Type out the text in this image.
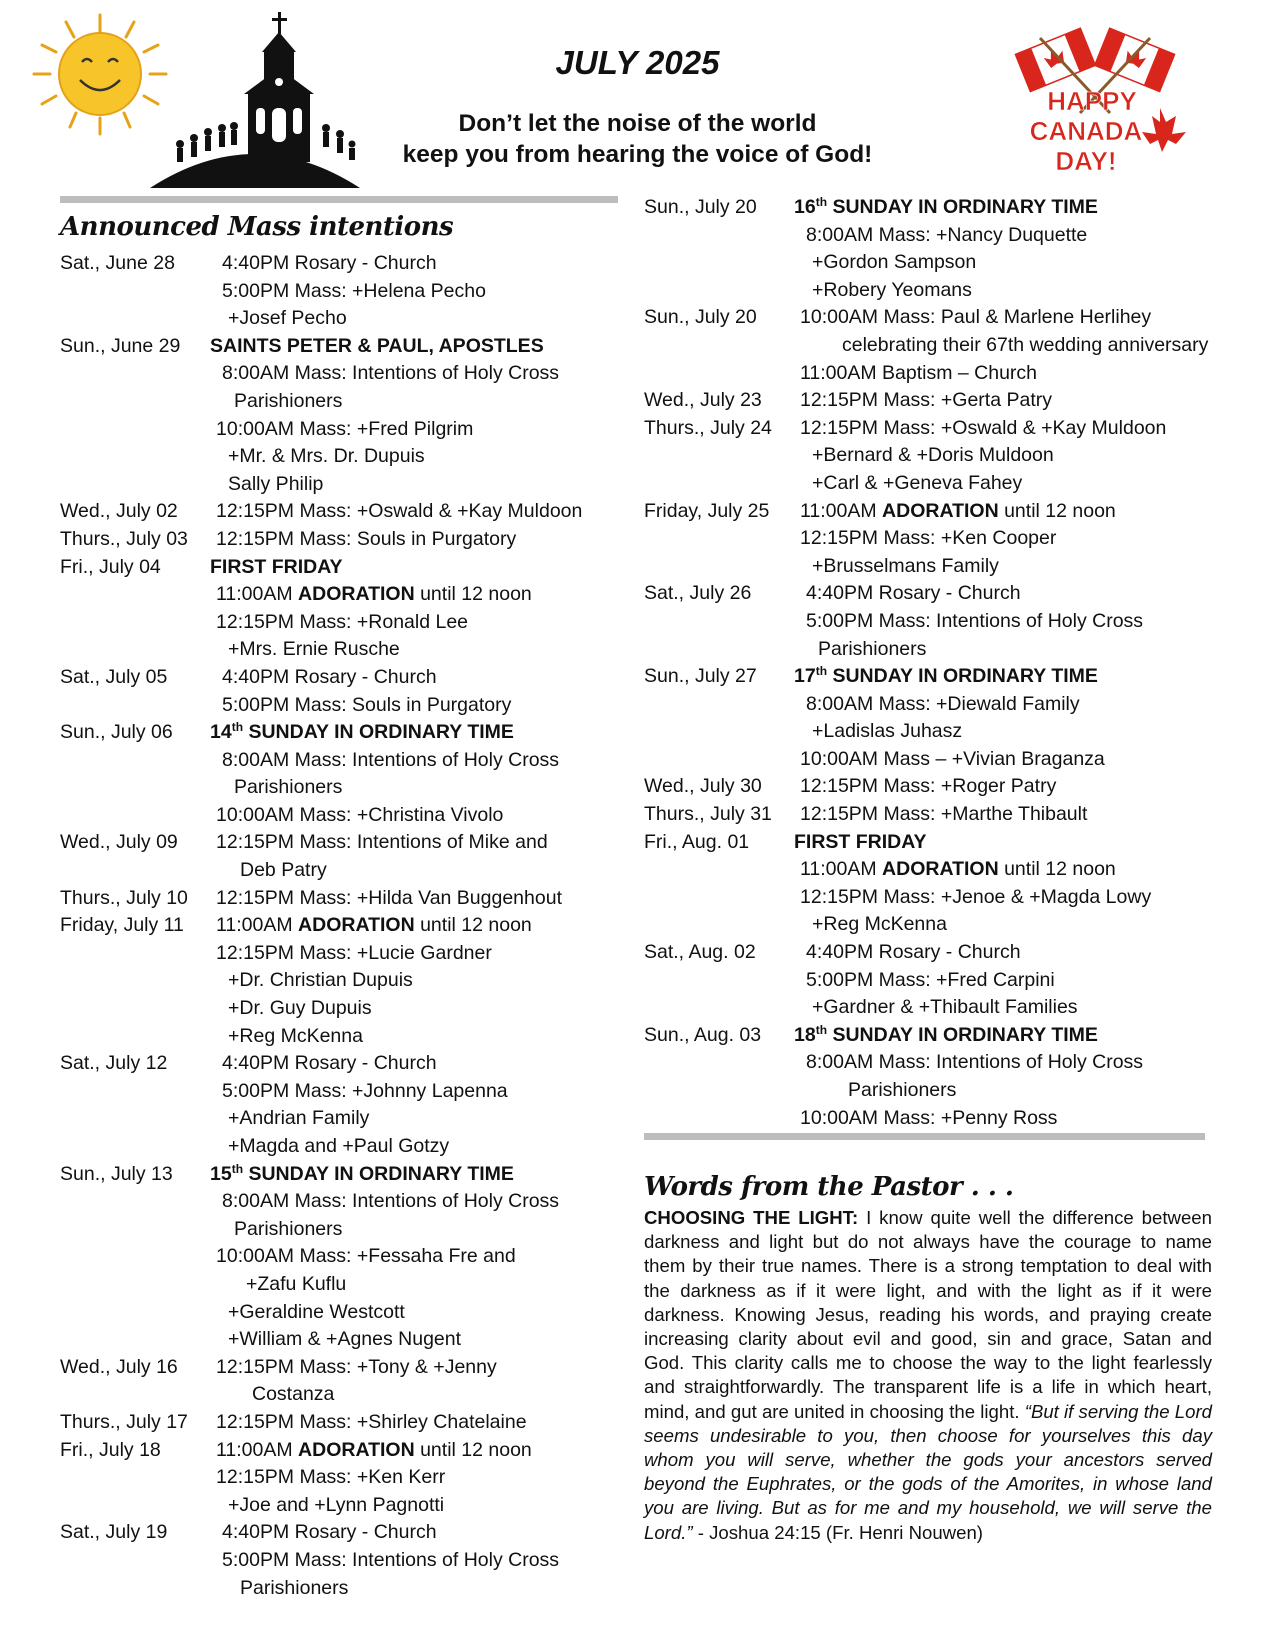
HAPPY
CANADA
DAY!
JULY 2025
Don’t let the noise of the world
keep you from hearing the voice of God!
Announced Mass intentions
Sat., June 28 4:40PM Rosary - Church
5:00PM Mass: +Helena Pecho
+Josef Pecho
Sun., June 29 SAINTS PETER & PAUL, APOSTLES
8:00AM Mass: Intentions of Holy Cross
Parishioners
10:00AM Mass: +Fred Pilgrim
+Mr. & Mrs. Dr. Dupuis
Sally Philip
Wed., July 02 12:15PM Mass: +Oswald & +Kay Muldoon
Thurs., July 03 12:15PM Mass: Souls in Purgatory
Fri., July 04	FIRST FRIDAY
11:00AM ADORATION until 12 noon
12:15PM Mass: +Ronald Lee
+Mrs. Ernie Rusche
Sat., July 05	4:40PM Rosary - Church
5:00PM Mass: Souls in Purgatory
Sun., July 06 14th SUNDAY IN ORDINARY TIME
8:00AM Mass: Intentions of Holy Cross
Parishioners
10:00AM Mass: +Christina Vivolo
Wed., July 09 12:15PM Mass: Intentions of Mike and
Deb Patry
Thurs., July 10 12:15PM Mass: +Hilda Van Buggenhout
Friday, July 11 11:00AM ADORATION until 12 noon
12:15PM Mass: +Lucie Gardner
+Dr. Christian Dupuis
+Dr. Guy Dupuis
+Reg McKenna
Sat., July 12	4:40PM Rosary - Church
5:00PM Mass: +Johnny Lapenna
+Andrian Family
+Magda and +Paul Gotzy
Sun., July 13 15th SUNDAY IN ORDINARY TIME
8:00AM Mass: Intentions of Holy Cross
Parishioners
10:00AM Mass: +Fessaha Fre and
+Zafu Kuflu
+Geraldine Westcott
+William & +Agnes Nugent
Wed., July 16 12:15PM Mass: +Tony & +Jenny
Costanza
Thurs., July 17 12:15PM Mass: +Shirley Chatelaine
Fri., July 18	11:00AM ADORATION until 12 noon
12:15PM Mass: +Ken Kerr
+Joe and +Lynn Pagnotti
Sat., July 19	4:40PM Rosary - Church
5:00PM Mass: Intentions of Holy Cross
Parishioners
Sun., July 20 16th SUNDAY IN ORDINARY TIME
8:00AM Mass: +Nancy Duquette
+Gordon Sampson
+Robery Yeomans
Sun., July 20 10:00AM Mass: Paul & Marlene Herlihey
celebrating their 67th wedding anniversary
11:00AM Baptism – Church
Wed., July 23 12:15PM Mass: +Gerta Patry
Thurs., July 24 12:15PM Mass: +Oswald & +Kay Muldoon
+Bernard & +Doris Muldoon
+Carl & +Geneva Fahey
Friday, July 25 11:00AM ADORATION until 12 noon
12:15PM Mass: +Ken Cooper
+Brusselmans Family
Sat., July 26	4:40PM Rosary - Church
5:00PM Mass: Intentions of Holy Cross
Parishioners
Sun., July 27 17th SUNDAY IN ORDINARY TIME
8:00AM Mass: +Diewald Family
+Ladislas Juhasz
10:00AM Mass – +Vivian Braganza
Wed., July 30 12:15PM Mass: +Roger Patry
Thurs., July 31 12:15PM Mass: +Marthe Thibault
Fri., Aug. 01 FIRST FRIDAY
11:00AM ADORATION until 12 noon
12:15PM Mass: +Jenoe & +Magda Lowy
+Reg McKenna
Sat., Aug. 02	4:40PM Rosary - Church
5:00PM Mass: +Fred Carpini
+Gardner & +Thibault Families
Sun., Aug. 03 18th SUNDAY IN ORDINARY TIME
8:00AM Mass: Intentions of Holy Cross
Parishioners
10:00AM Mass: +Penny Ross
Words from the Pastor . . .
CHOOSING THE LIGHT: I know quite well the difference between darkness and light but do not always have the courage to name them by their true names. There is a strong temptation to deal with the darkness as if it were light, and with the light as if it were darkness. Knowing Jesus, reading his words, and praying create increasing clarity about evil and good, sin and grace, Satan and God. This clarity calls me to choose the way to the light fearlessly and straightforwardly. The transparent life is a life in which heart, mind, and gut are united in choosing the light. “But if serving the Lord seems undesirable to you, then choose for yourselves this day whom you will serve, whether the gods your ancestors served beyond the Euphrates, or the gods of the Amorites, in whose land you are living. But as for me and my household, we will serve the Lord.” - Joshua 24:15 (Fr. Henri Nouwen)
